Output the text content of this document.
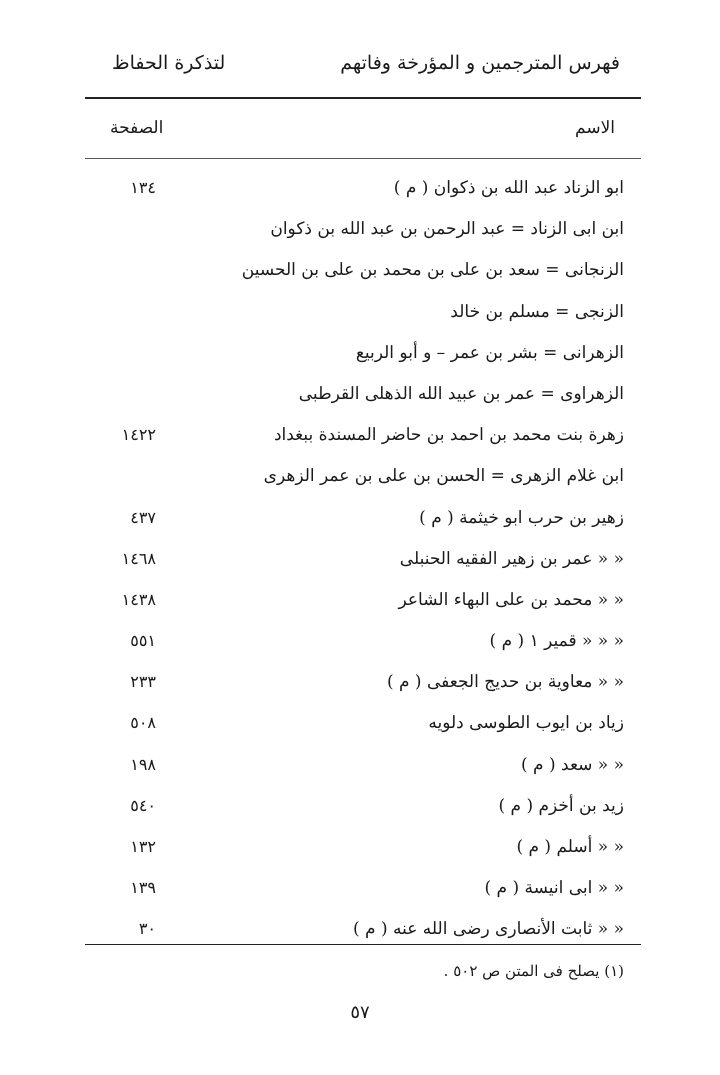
فهرس المترجمين و المؤرخة وفاتهم
لتذكرة الحفاظ
الاسم
الصفحة
ابو الزناد عبد الله بن ذكوان ( م )
١٣٤
ابن ابى الزناد = عبد الرحمن بن عبد الله بن ذكوان
الزنجانى = سعد بن على بن محمد بن على بن الحسين
الزنجى = مسلم بن خالد
الزهرانى = بشر بن عمر – و أبو الربيع
الزهراوى = عمر بن عبيد الله الذهلى القرطبى
زهرة بنت محمد بن احمد بن حاضر المسندة ببغداد
١٤٢٢
ابن غلام الزهرى = الحسن بن على بن عمر الزهرى
زهير بن حرب ابو خيثمة ( م )
٤٣٧
« « عمر بن زهير الفقيه الحنبلى
١٤٦٨
« « محمد بن على البهاء الشاعر
١٤٣٨
« « « قمير ١ ( م )
٥٥١
« « معاوية بن حديج الجعفى ( م )
٢٣٣
زياد بن ايوب الطوسى دلويه
٥٠٨
« « سعد ( م )
١٩٨
زيد بن أخزم ( م )
٥٤٠
« « أسلم ( م )
١٣٢
« « ابى انيسة ( م )
١٣٩
« « ثابت الأنصارى رضى الله عنه ( م )
٣٠
(١) يصلح فى المتن ص ٥٠٢ .
٥٧
